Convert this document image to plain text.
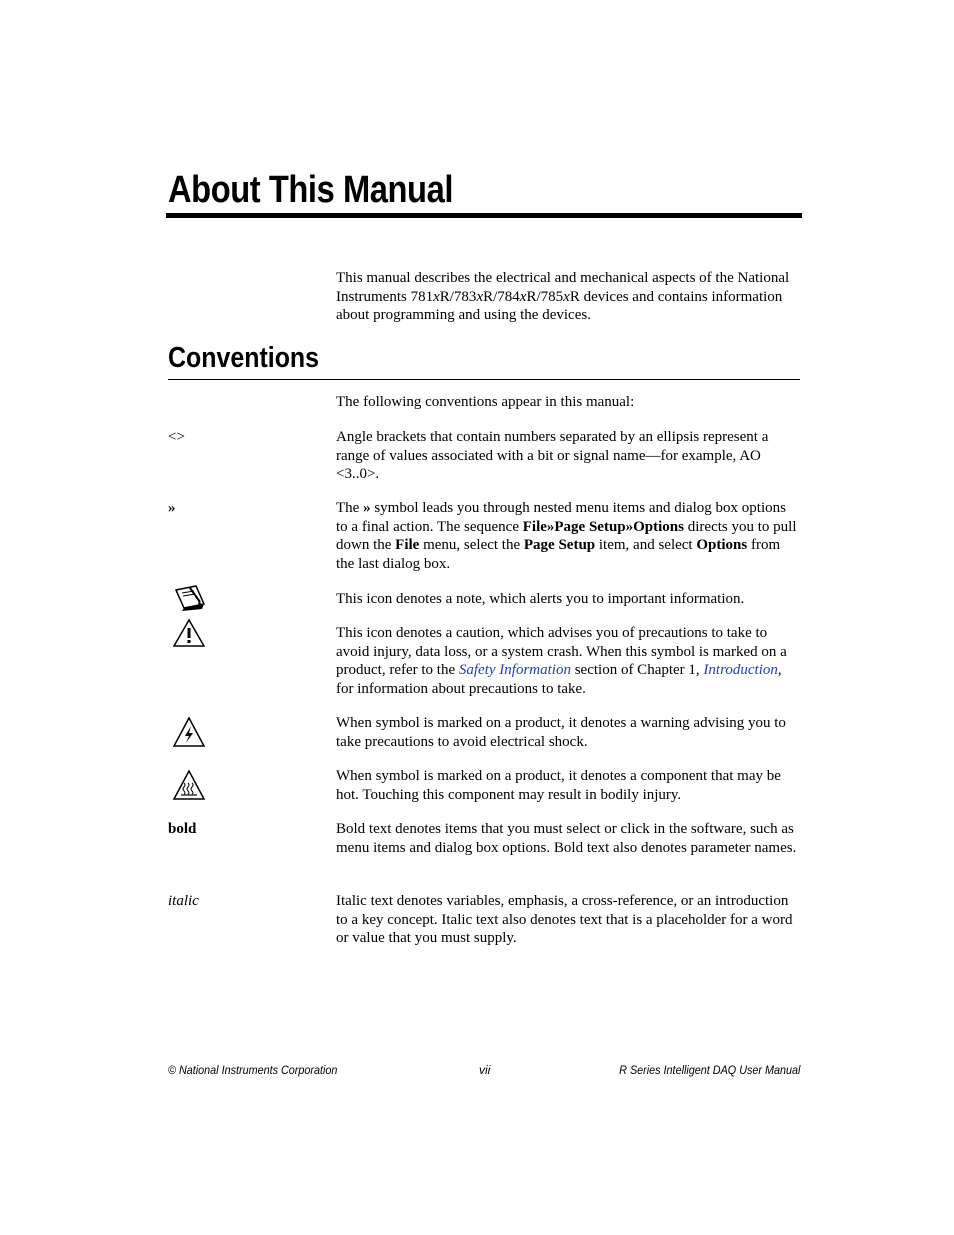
About This Manual

This manual describes the electrical and mechanical aspects of the National Instruments 781xR/783xR/784xR/785xR devices and contains information about programming and using the devices.

Conventions

The following conventions appear in this manual:

<>	Angle brackets that contain numbers separated by an ellipsis represent a range of values associated with a bit or signal name—for example, AO <3..0>.

»	The » symbol leads you through nested menu items and dialog box options to a final action. The sequence File»Page Setup»Options directs you to pull down the File menu, select the Page Setup item, and select Options from the last dialog box.

This icon denotes a note, which alerts you to important information.

This icon denotes a caution, which advises you of precautions to take to avoid injury, data loss, or a system crash. When this symbol is marked on a product, refer to the Safety Information section of Chapter 1, Introduction, for information about precautions to take.

When symbol is marked on a product, it denotes a warning advising you to take precautions to avoid electrical shock.

When symbol is marked on a product, it denotes a component that may be hot. Touching this component may result in bodily injury.

bold	Bold text denotes items that you must select or click in the software, such as menu items and dialog box options. Bold text also denotes parameter names.

italic	Italic text denotes variables, emphasis, a cross-reference, or an introduction to a key concept. Italic text also denotes text that is a placeholder for a word or value that you must supply.

© National Instruments Corporation	vii	R Series Intelligent DAQ User Manual
